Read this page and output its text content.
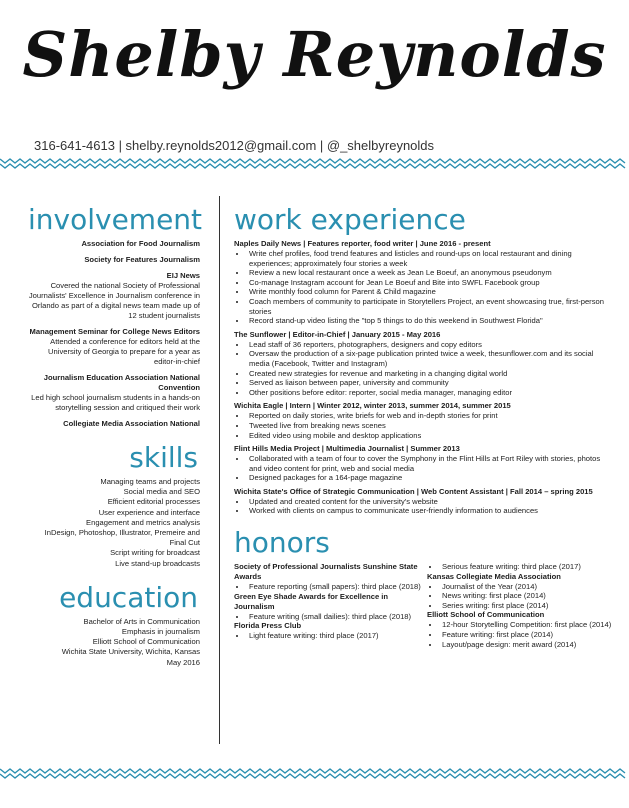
Shelby Reynolds
316-641-4613 | shelby.reynolds2012@gmail.com | @_shelbyreynolds
involvement

Association for Food Journalism

Society for Features Journalism

EIJ News

Covered the national Society of Professional Journalists' Excellence in Journalism conference in Orlando as part of a digital news team made up of 12 student journalists

Management Seminar for College News Editors

Attended a conference for editors held at the University of Georgia to prepare for a year as editor-in-chief

Journalism Education Association National Convention

Led high school journalism students in a hands-on storytelling session and critiqued their work

Collegiate Media Association National

skills
Managing teams and projects
Social media and SEO
Efficient editorial processes
User experience and interface
Engagement and metrics analysis
InDesign, Photoshop, Illustrator, Premeire and Final Cut
Script writing for broadcast
Live stand-up broadcasts
education
Bachelor of Arts in Communication
Emphasis in journalism
Elliott School of Communication
Wichita State University, Wichita, Kansas
May 2016
work experience

Naples Daily News | Features reporter, food writer | June 2016 - present

• Write chef profiles, food trend features and listicles and round-ups on local restaurant and dining experiences; approximately four stories a week
• Review a new local restaurant once a week as Jean Le Boeuf, an anonymous pseudonym
• Co-manage Instagram account for Jean Le Boeuf and Bite into SWFL Facebook group
• Write monthly food column for Parent & Child magazine
• Coach members of community to participate in Storytellers Project, an event showcasing true, first-person stories
• Record stand-up video listing the "top 5 things to do this weekend in Southwest Florida"

The Sunflower | Editor-in-Chief | January 2015 - May 2016

• Lead staff of 36 reporters, photographers, designers and copy editors
• Oversaw the production of a six-page publication printed twice a week, thesunflower.com and its social media (Facebook, Twitter and Instagram)
• Created new strategies for revenue and marketing in a changing digital world
• Served as liaison between paper, university and community
• Other positions before editor: reporter, social media manager, managing editor

Wichita Eagle | Intern | Winter 2012, winter 2013, summer 2014, summer 2015

• Reported on daily stories, write briefs for web and in-depth stories for print
• Tweeted live from breaking news scenes
• Edited video using mobile and desktop applications

Flint Hills Media Project | Multimedia Journalist | Summer 2013

• Collaborated with a team of four to cover the Symphony in the Flint Hills at Fort Riley with stories, photos and video content for print, web and social media
• Designed packages for a 164-page magazine

Wichita State's Office of Strategic Communication | Web Content Assistant | Fall 2014 – spring 2015

• Updated and created content for the university's website
• Worked with clients on campus to communicate user-friendly information to audiences
honors

Society of Professional Journalists Sunshine State Awards

• Feature reporting (small papers): third place (2018)

Green Eye Shade Awards for Excellence in Journalism

• Feature writing (small dailies): third place (2018)

Florida Press Club

• Light feature writing: third place (2017)
• Serious feature writing: third place (2017)

Kansas Collegiate Media Association

• Journalist of the Year (2014)
• News writing: first place (2014)
• Series writing: first place (2014)

Elliott School of Communication

• 12-hour Storytelling Competition: first place (2014)
• Feature writing: first place (2014)
• Layout/page design: merit award (2014)
